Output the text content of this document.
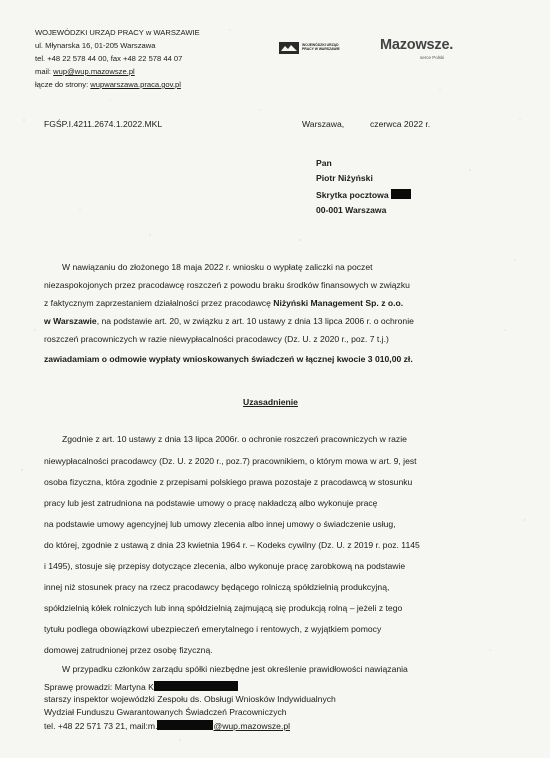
WOJEWÓDZKI URZĄD PRACY w WARSZAWIE
ul. Młynarska 16, 01-205 Warszawa
tel. +48 22 578 44 00, fax +48 22 578 44 07
mail: wup@wup.mazowsze.pl
łącze do strony: wupwarszawa.praca.gov.pl
WOJEWÓDZKI URZĄD PRACY W WARSZAWIE	Mazowsze.
serce Polski
FGŚP.I.4211.2674.1.2022.MKL	Warszawa,	czerwca 2022 r.
Pan
Piotr Niżyński
Skrytka pocztowa
00-001 Warszawa
W nawiązaniu do złożonego 18 maja 2022 r. wniosku o wypłatę zaliczki na poczet
niezaspokojonych przez pracodawcę roszczeń z powodu braku środków finansowych w związku
z faktycznym zaprzestaniem działalności przez pracodawcę Niżyński Management Sp. z o.o.
w Warszawie, na podstawie art. 20, w związku z art. 10 ustawy z dnia 13 lipca 2006 r. o ochronie
roszczeń pracowniczych w razie niewypłacalności pracodawcy (Dz. U. z 2020 r., poz. 7 t.j.)
zawiadamiam o odmowie wypłaty wnioskowanych świadczeń w łącznej kwocie 3 010,00 zł.
Uzasadnienie
Zgodnie z art. 10 ustawy z dnia 13 lipca 2006r. o ochronie roszczeń pracowniczych w razie
niewypłacalności pracodawcy (Dz. U. z 2020 r., poz.7) pracownikiem, o którym mowa w art. 9, jest
osoba fizyczna, która zgodnie z przepisami polskiego prawa pozostaje z pracodawcą w stosunku
pracy lub jest zatrudniona na podstawie umowy o pracę nakładczą albo wykonuje pracę
na podstawie umowy agencyjnej lub umowy zlecenia albo innej umowy o świadczenie usług,
do której, zgodnie z ustawą z dnia 23 kwietnia 1964 r. – Kodeks cywilny (Dz. U. z 2019 r. poz. 1145
i 1495), stosuje się przepisy dotyczące zlecenia, albo wykonuje pracę zarobkową na podstawie
innej niż stosunek pracy na rzecz pracodawcy będącego rolniczą spółdzielnią produkcyjną,
spółdzielnią kółek rolniczych lub inną spółdzielnią zajmującą się produkcją rolną – jeżeli z tego
tytułu podlega obowiązkowi ubezpieczeń emerytalnego i rentowych, z wyjątkiem pomocy
domowej zatrudnionej przez osobę fizyczną.
W przypadku członków zarządu spółki niezbędne jest określenie prawidłowości nawiązania
Sprawę prowadzi: Martyna K
starszy inspektor wojewódzki Zespołu ds. Obsługi Wniosków Indywidualnych
Wydział Funduszu Gwarantowanych Świadczeń Pracowniczych
tel. +48 22 571 73 21, mail:m.	@wup.mazowsze.pl
